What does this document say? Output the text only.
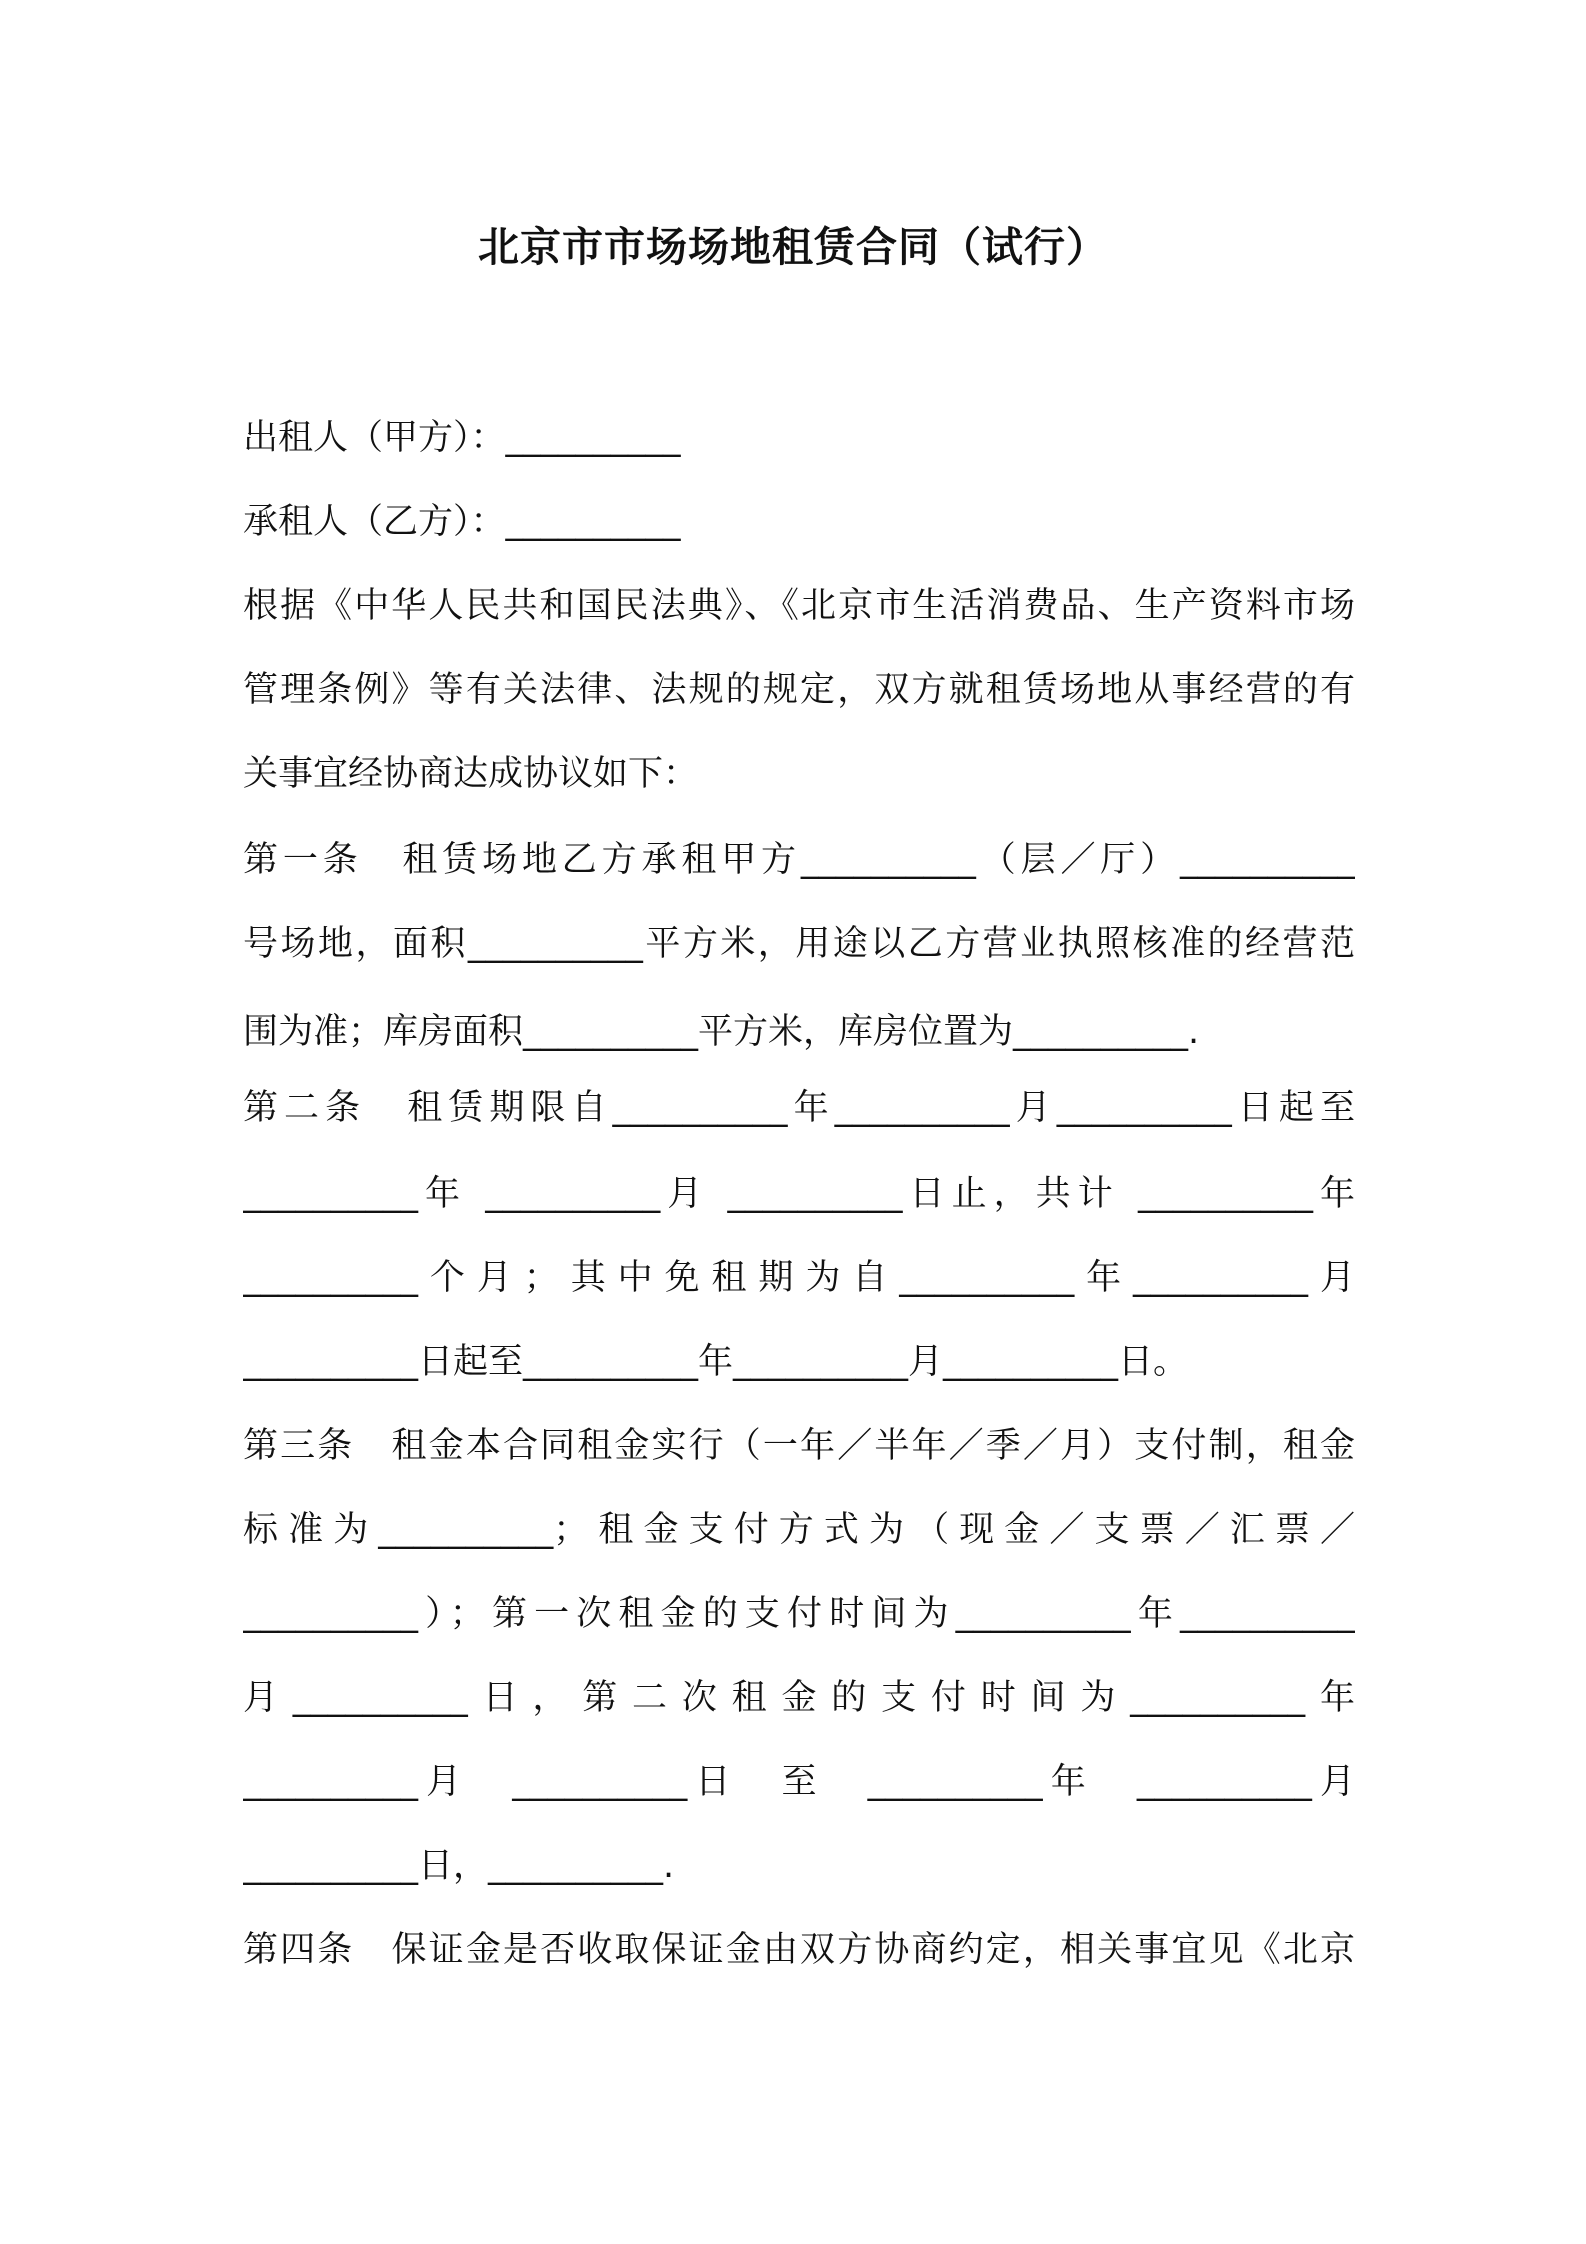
北京市市场场地租赁合同（试行）
出租人（甲方）：__________
承租人（乙方）：__________
根据《中华人民共和国民法典》、《北京市生活消费品、生产资料市场
管理条例》等有关法律、法规的规定，双方就租赁场地从事经营的有
关事宜经协商达成协议如下：
第一条　租赁场地乙方承租甲方__________（层／厅）__________
号场地，面积__________平方米，用途以乙方营业执照核准的经营范
围为准；库房面积__________平方米，库房位置为__________.
第二条　租赁期限自__________年__________月__________日起至
__________年 __________月 __________日止，共计 __________年
__________个月；其中免租期为自__________年__________月
__________日起至__________年__________月__________日。
第三条　租金本合同租金实行（一年／半年／季／月）支付制，租金
标准为__________；租金支付方式为（现金／支票／汇票／
__________）；第一次租金的支付时间为__________年__________
月__________日，第二次租金的支付时间为__________年
__________月　__________日　至　__________年　__________月
__________日，__________.
第四条　保证金是否收取保证金由双方协商约定，相关事宜见《北京
